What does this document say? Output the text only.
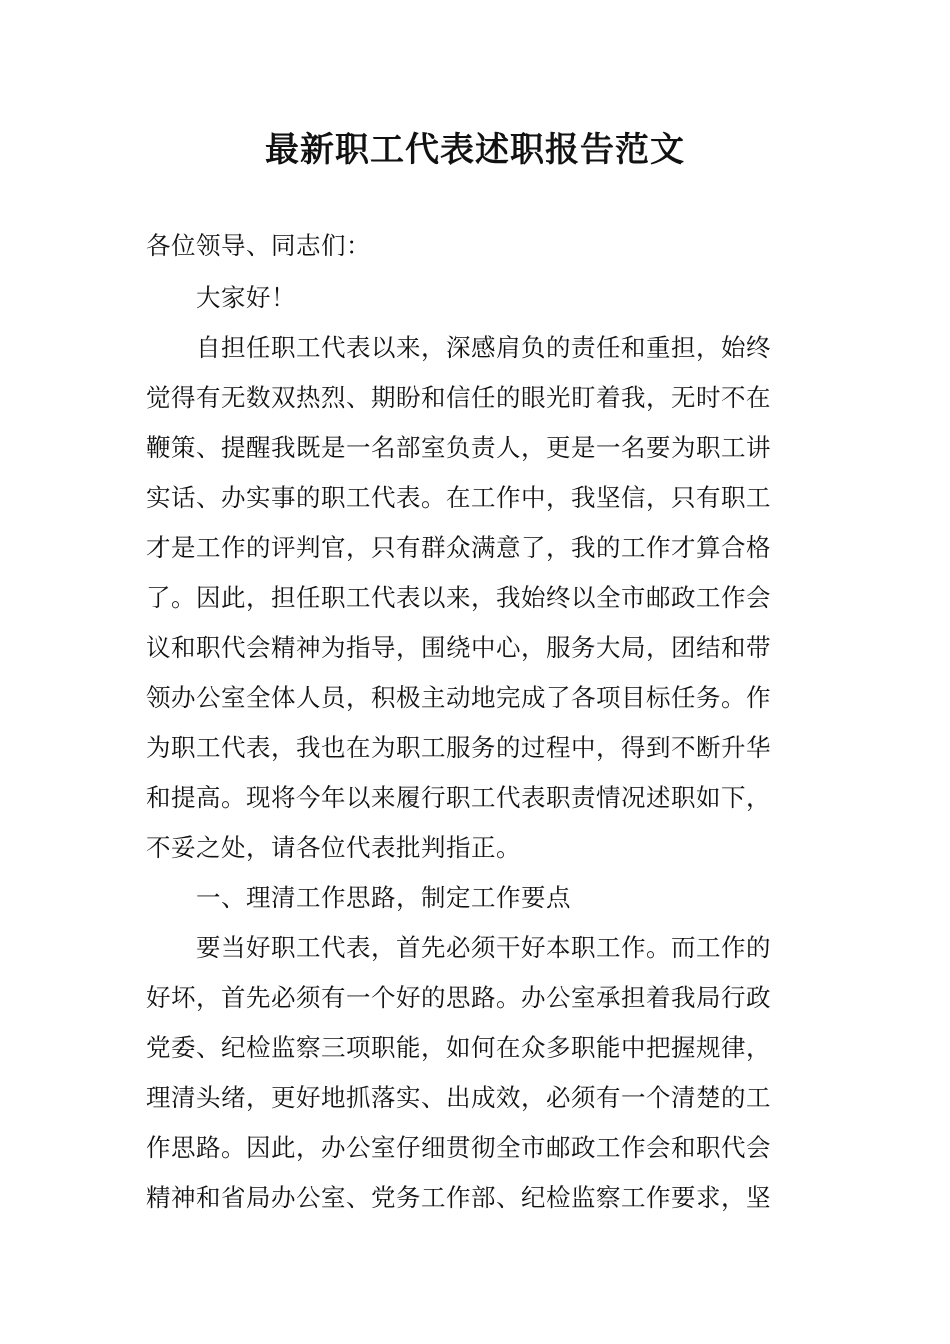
最新职工代表述职报告范文

各位领导、同志们：

大家好！

自担任职工代表以来，深感肩负的责任和重担，始终

觉得有无数双热烈、期盼和信任的眼光盯着我，无时不在

鞭策、提醒我既是一名部室负责人，更是一名要为职工讲

实话、办实事的职工代表。在工作中，我坚信，只有职工

才是工作的评判官，只有群众满意了，我的工作才算合格

了。因此，担任职工代表以来，我始终以全市邮政工作会

议和职代会精神为指导，围绕中心，服务大局，团结和带

领办公室全体人员，积极主动地完成了各项目标任务。作

为职工代表，我也在为职工服务的过程中，得到不断升华

和提高。现将今年以来履行职工代表职责情况述职如下，

不妥之处，请各位代表批判指正。

一、理清工作思路，制定工作要点

要当好职工代表，首先必须干好本职工作。而工作的

好坏，首先必须有一个好的思路。办公室承担着我局行政

党委、纪检监察三项职能，如何在众多职能中把握规律，

理清头绪，更好地抓落实、出成效，必须有一个清楚的工

作思路。因此，办公室仔细贯彻全市邮政工作会和职代会

精神和省局办公室、党务工作部、纪检监察工作要求，坚
